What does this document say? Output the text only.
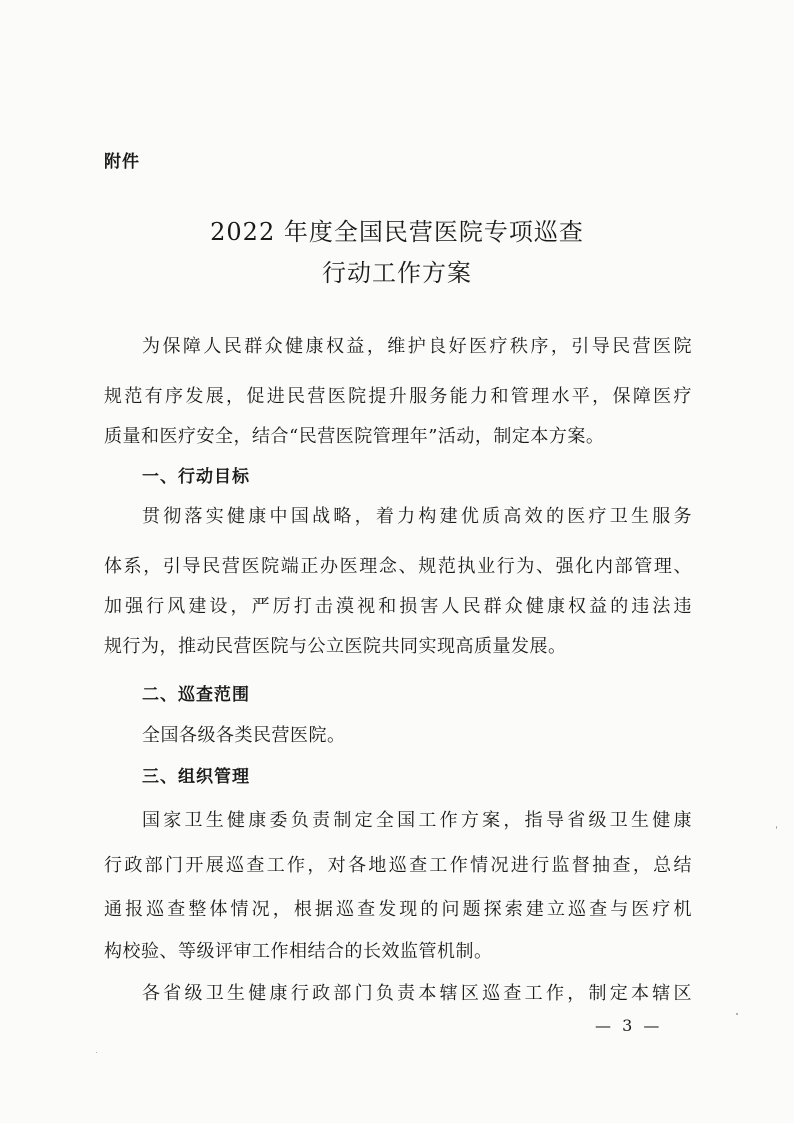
附件
2022 年度全国民营医院专项巡查
行动工作方案
为保障人民群众健康权益，维护良好医疗秩序，引导民营医院
规范有序发展，促进民营医院提升服务能力和管理水平，保障医疗
质量和医疗安全，结合“民营医院管理年”活动，制定本方案。
一、行动目标
贯彻落实健康中国战略，着力构建优质高效的医疗卫生服务
体系，引导民营医院端正办医理念、规范执业行为、强化内部管理、
加强行风建设，严厉打击漠视和损害人民群众健康权益的违法违
规行为，推动民营医院与公立医院共同实现高质量发展。
二、巡查范围
全国各级各类民营医院。
三、组织管理
国家卫生健康委负责制定全国工作方案，指导省级卫生健康
行政部门开展巡查工作，对各地巡查工作情况进行监督抽查，总结
通报巡查整体情况，根据巡查发现的问题探索建立巡查与医疗机
构校验、等级评审工作相结合的长效监管机制。
各省级卫生健康行政部门负责本辖区巡查工作，制定本辖区
— 3 —
